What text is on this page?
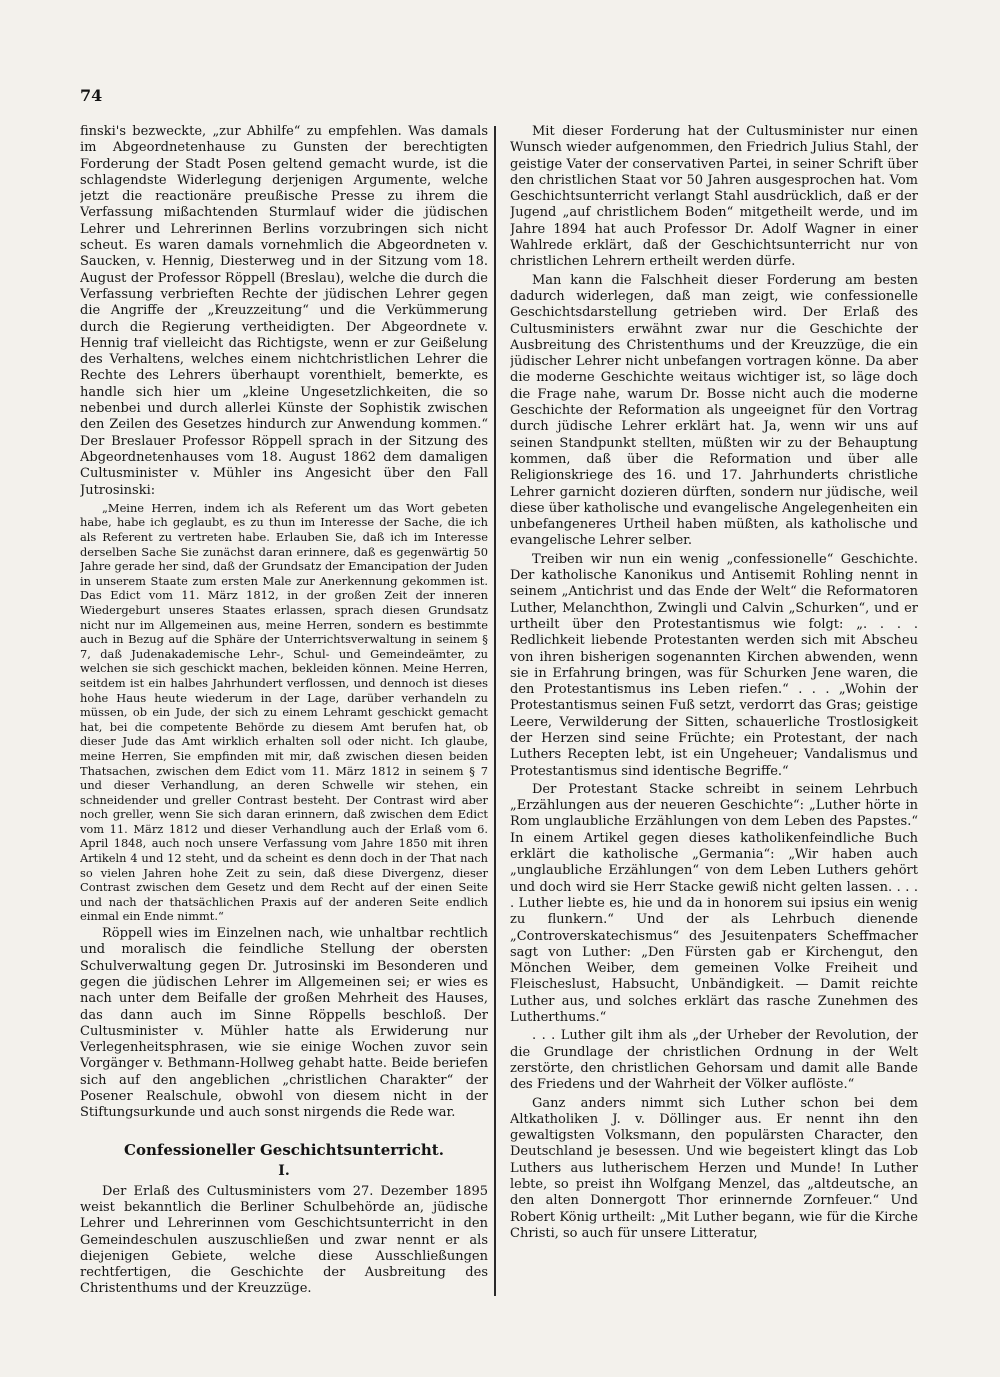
74

finski's bezweckte, „zur Abhilfe“ zu empfehlen. Was damals im Abgeordnetenhause zu Gunsten der berechtigten Forderung der Stadt Posen geltend gemacht wurde, ist die schlagendste Widerlegung derjenigen Argumente, welche jetzt die reactionäre preußische Presse zu ihrem die Verfassung mißachtenden Sturmlauf wider die jüdischen Lehrer und Lehrerinnen Berlins vorzubringen sich nicht scheut. Es waren damals vornehmlich die Abgeordneten v. Saucken, v. Hennig, Diesterweg und in der Sitzung vom 18. August der Professor Röppell (Breslau), welche die durch die Verfassung verbrieften Rechte der jüdischen Lehrer gegen die Angriffe der „Kreuzzeitung“ und die Verkümmerung durch die Regierung vertheidigten. Der Abgeordnete v. Hennig traf vielleicht das Richtigste, wenn er zur Geißelung des Verhaltens, welches einem nichtchristlichen Lehrer die Rechte des Lehrers überhaupt vorenthielt, bemerkte, es handle sich hier um „kleine Ungesetzlichkeiten, die so nebenbei und durch allerlei Künste der Sophistik zwischen den Zeilen des Gesetzes hindurch zur Anwendung kommen.“ Der Breslauer Professor Röppell sprach in der Sitzung des Abgeordnetenhauses vom 18. August 1862 dem damaligen Cultusminister v. Mühler ins Angesicht über den Fall Jutrosinski:

„Meine Herren, indem ich als Referent um das Wort gebeten habe, habe ich geglaubt, es zu thun im Interesse der Sache, die ich als Referent zu vertreten habe. Erlauben Sie, daß ich im Interesse derselben Sache Sie zunächst daran erinnere, daß es gegenwärtig 50 Jahre gerade her sind, daß der Grundsatz der Emancipation der Juden in unserem Staate zum ersten Male zur Anerkennung gekommen ist. Das Edict vom 11. März 1812, in der großen Zeit der inneren Wiedergeburt unseres Staates erlassen, sprach diesen Grundsatz nicht nur im Allgemeinen aus, meine Herren, sondern es bestimmte auch in Bezug auf die Sphäre der Unterrichtsverwaltung in seinem § 7, daß Judenakademische Lehr-, Schul- und Gemeindeämter, zu welchen sie sich geschickt machen, bekleiden können. Meine Herren, seitdem ist ein halbes Jahrhundert verflossen, und dennoch ist dieses hohe Haus heute wiederum in der Lage, darüber verhandeln zu müssen, ob ein Jude, der sich zu einem Lehramt geschickt gemacht hat, bei die competente Behörde zu diesem Amt berufen hat, ob dieser Jude das Amt wirklich erhalten soll oder nicht. Ich glaube, meine Herren, Sie empfinden mit mir, daß zwischen diesen beiden Thatsachen, zwischen dem Edict vom 11. März 1812 in seinem § 7 und dieser Verhandlung, an deren Schwelle wir stehen, ein schneidender und greller Contrast besteht. Der Contrast wird aber noch greller, wenn Sie sich daran erinnern, daß zwischen dem Edict vom 11. März 1812 und dieser Verhandlung auch der Erlaß vom 6. April 1848, auch noch unsere Verfassung vom Jahre 1850 mit ihren Artikeln 4 und 12 steht, und da scheint es denn doch in der That nach so vielen Jahren hohe Zeit zu sein, daß diese Divergenz, dieser Contrast zwischen dem Gesetz und dem Recht auf der einen Seite und nach der thatsächlichen Praxis auf der anderen Seite endlich einmal ein Ende nimmt.“

Röppell wies im Einzelnen nach, wie unhaltbar rechtlich und moralisch die feindliche Stellung der obersten Schulverwaltung gegen Dr. Jutrosinski im Besonderen und gegen die jüdischen Lehrer im Allgemeinen sei; er wies es nach unter dem Beifalle der großen Mehrheit des Hauses, das dann auch im Sinne Röppells beschloß. Der Cultusminister v. Mühler hatte als Erwiderung nur Verlegenheitsphrasen, wie sie einige Wochen zuvor sein Vorgänger v. Bethmann-Hollweg gehabt hatte. Beide beriefen sich auf den angeblichen „christlichen Charakter“ der Posener Realschule, obwohl von diesem nicht in der Stiftungsurkunde und auch sonst nirgends die Rede war.

Confessioneller Geschichtsunterricht.
I.

Der Erlaß des Cultusministers vom 27. Dezember 1895 weist bekanntlich die Berliner Schulbehörde an, jüdische Lehrer und Lehrerinnen vom Geschichtsunterricht in den Gemeindeschulen auszuschließen und zwar nennt er als diejenigen Gebiete, welche diese Ausschließungen rechtfertigen, die Geschichte der Ausbreitung des Christenthums und der Kreuzzüge.

Mit dieser Forderung hat der Cultusminister nur einen Wunsch wieder aufgenommen, den Friedrich Julius Stahl, der geistige Vater der conservativen Partei, in seiner Schrift über den christlichen Staat vor 50 Jahren ausgesprochen hat. Vom Geschichtsunterricht verlangt Stahl ausdrücklich, daß er der Jugend „auf christlichem Boden“ mitgetheilt werde, und im Jahre 1894 hat auch Professor Dr. Adolf Wagner in einer Wahlrede erklärt, daß der Geschichtsunterricht nur von christlichen Lehrern ertheilt werden dürfe.

Man kann die Falschheit dieser Forderung am besten dadurch widerlegen, daß man zeigt, wie confessionelle Geschichtsdarstellung getrieben wird. Der Erlaß des Cultusministers erwähnt zwar nur die Geschichte der Ausbreitung des Christenthums und der Kreuzzüge, die ein jüdischer Lehrer nicht unbefangen vortragen könne. Da aber die moderne Geschichte weitaus wichtiger ist, so läge doch die Frage nahe, warum Dr. Bosse nicht auch die moderne Geschichte der Reformation als ungeeignet für den Vortrag durch jüdische Lehrer erklärt hat. Ja, wenn wir uns auf seinen Standpunkt stellten, müßten wir zu der Behauptung kommen, daß über die Reformation und über alle Religionskriege des 16. und 17. Jahrhunderts christliche Lehrer garnicht dozieren dürften, sondern nur jüdische, weil diese über katholische und evangelische Angelegenheiten ein unbefangeneres Urtheil haben müßten, als katholische und evangelische Lehrer selber.

Treiben wir nun ein wenig „confessionelle“ Geschichte. Der katholische Kanonikus und Antisemit Rohling nennt in seinem „Antichrist und das Ende der Welt“ die Reformatoren Luther, Melanchthon, Zwingli und Calvin „Schurken“, und er urtheilt über den Protestantismus wie folgt: „. . . . Redlichkeit liebende Protestanten werden sich mit Abscheu von ihren bisherigen sogenannten Kirchen abwenden, wenn sie in Erfahrung bringen, was für Schurken Jene waren, die den Protestantismus ins Leben riefen.“ . . . „Wohin der Protestantismus seinen Fuß setzt, verdorrt das Gras; geistige Leere, Verwilderung der Sitten, schauerliche Trostlosigkeit der Herzen sind seine Früchte; ein Protestant, der nach Luthers Recepten lebt, ist ein Ungeheuer; Vandalismus und Protestantismus sind identische Begriffe.“

Der Protestant Stacke schreibt in seinem Lehrbuch „Erzählungen aus der neueren Geschichte“: „Luther hörte in Rom unglaubliche Erzählungen von dem Leben des Papstes.“ In einem Artikel gegen dieses katholikenfeindliche Buch erklärt die katholische „Germania“: „Wir haben auch „unglaubliche Erzählungen“ von dem Leben Luthers gehört und doch wird sie Herr Stacke gewiß nicht gelten lassen. . . . . Luther liebte es, hie und da in honorem sui ipsius ein wenig zu flunkern.“ Und der als Lehrbuch dienende „Controverskatechismus“ des Jesuitenpaters Scheffmacher sagt von Luther: „Den Fürsten gab er Kirchengut, den Mönchen Weiber, dem gemeinen Volke Freiheit und Fleischeslust, Habsucht, Unbändigkeit. — Damit reichte Luther aus, und solches erklärt das rasche Zunehmen des Lutherthums.“

. . . Luther gilt ihm als „der Urheber der Revolution, der die Grundlage der christlichen Ordnung in der Welt zerstörte, den christlichen Gehorsam und damit alle Bande des Friedens und der Wahrheit der Völker auflöste.“

Ganz anders nimmt sich Luther schon bei dem Altkatholiken J. v. Döllinger aus. Er nennt ihn den gewaltigsten Volksmann, den populärsten Character, den Deutschland je besessen. Und wie begeistert klingt das Lob Luthers aus lutherischem Herzen und Munde! In Luther lebte, so preist ihn Wolfgang Menzel, das „altdeutsche, an den alten Donnergott Thor erinnernde Zornfeuer.“ Und Robert König urtheilt: „Mit Luther begann, wie für die Kirche Christi, so auch für unsere Litteratur,
